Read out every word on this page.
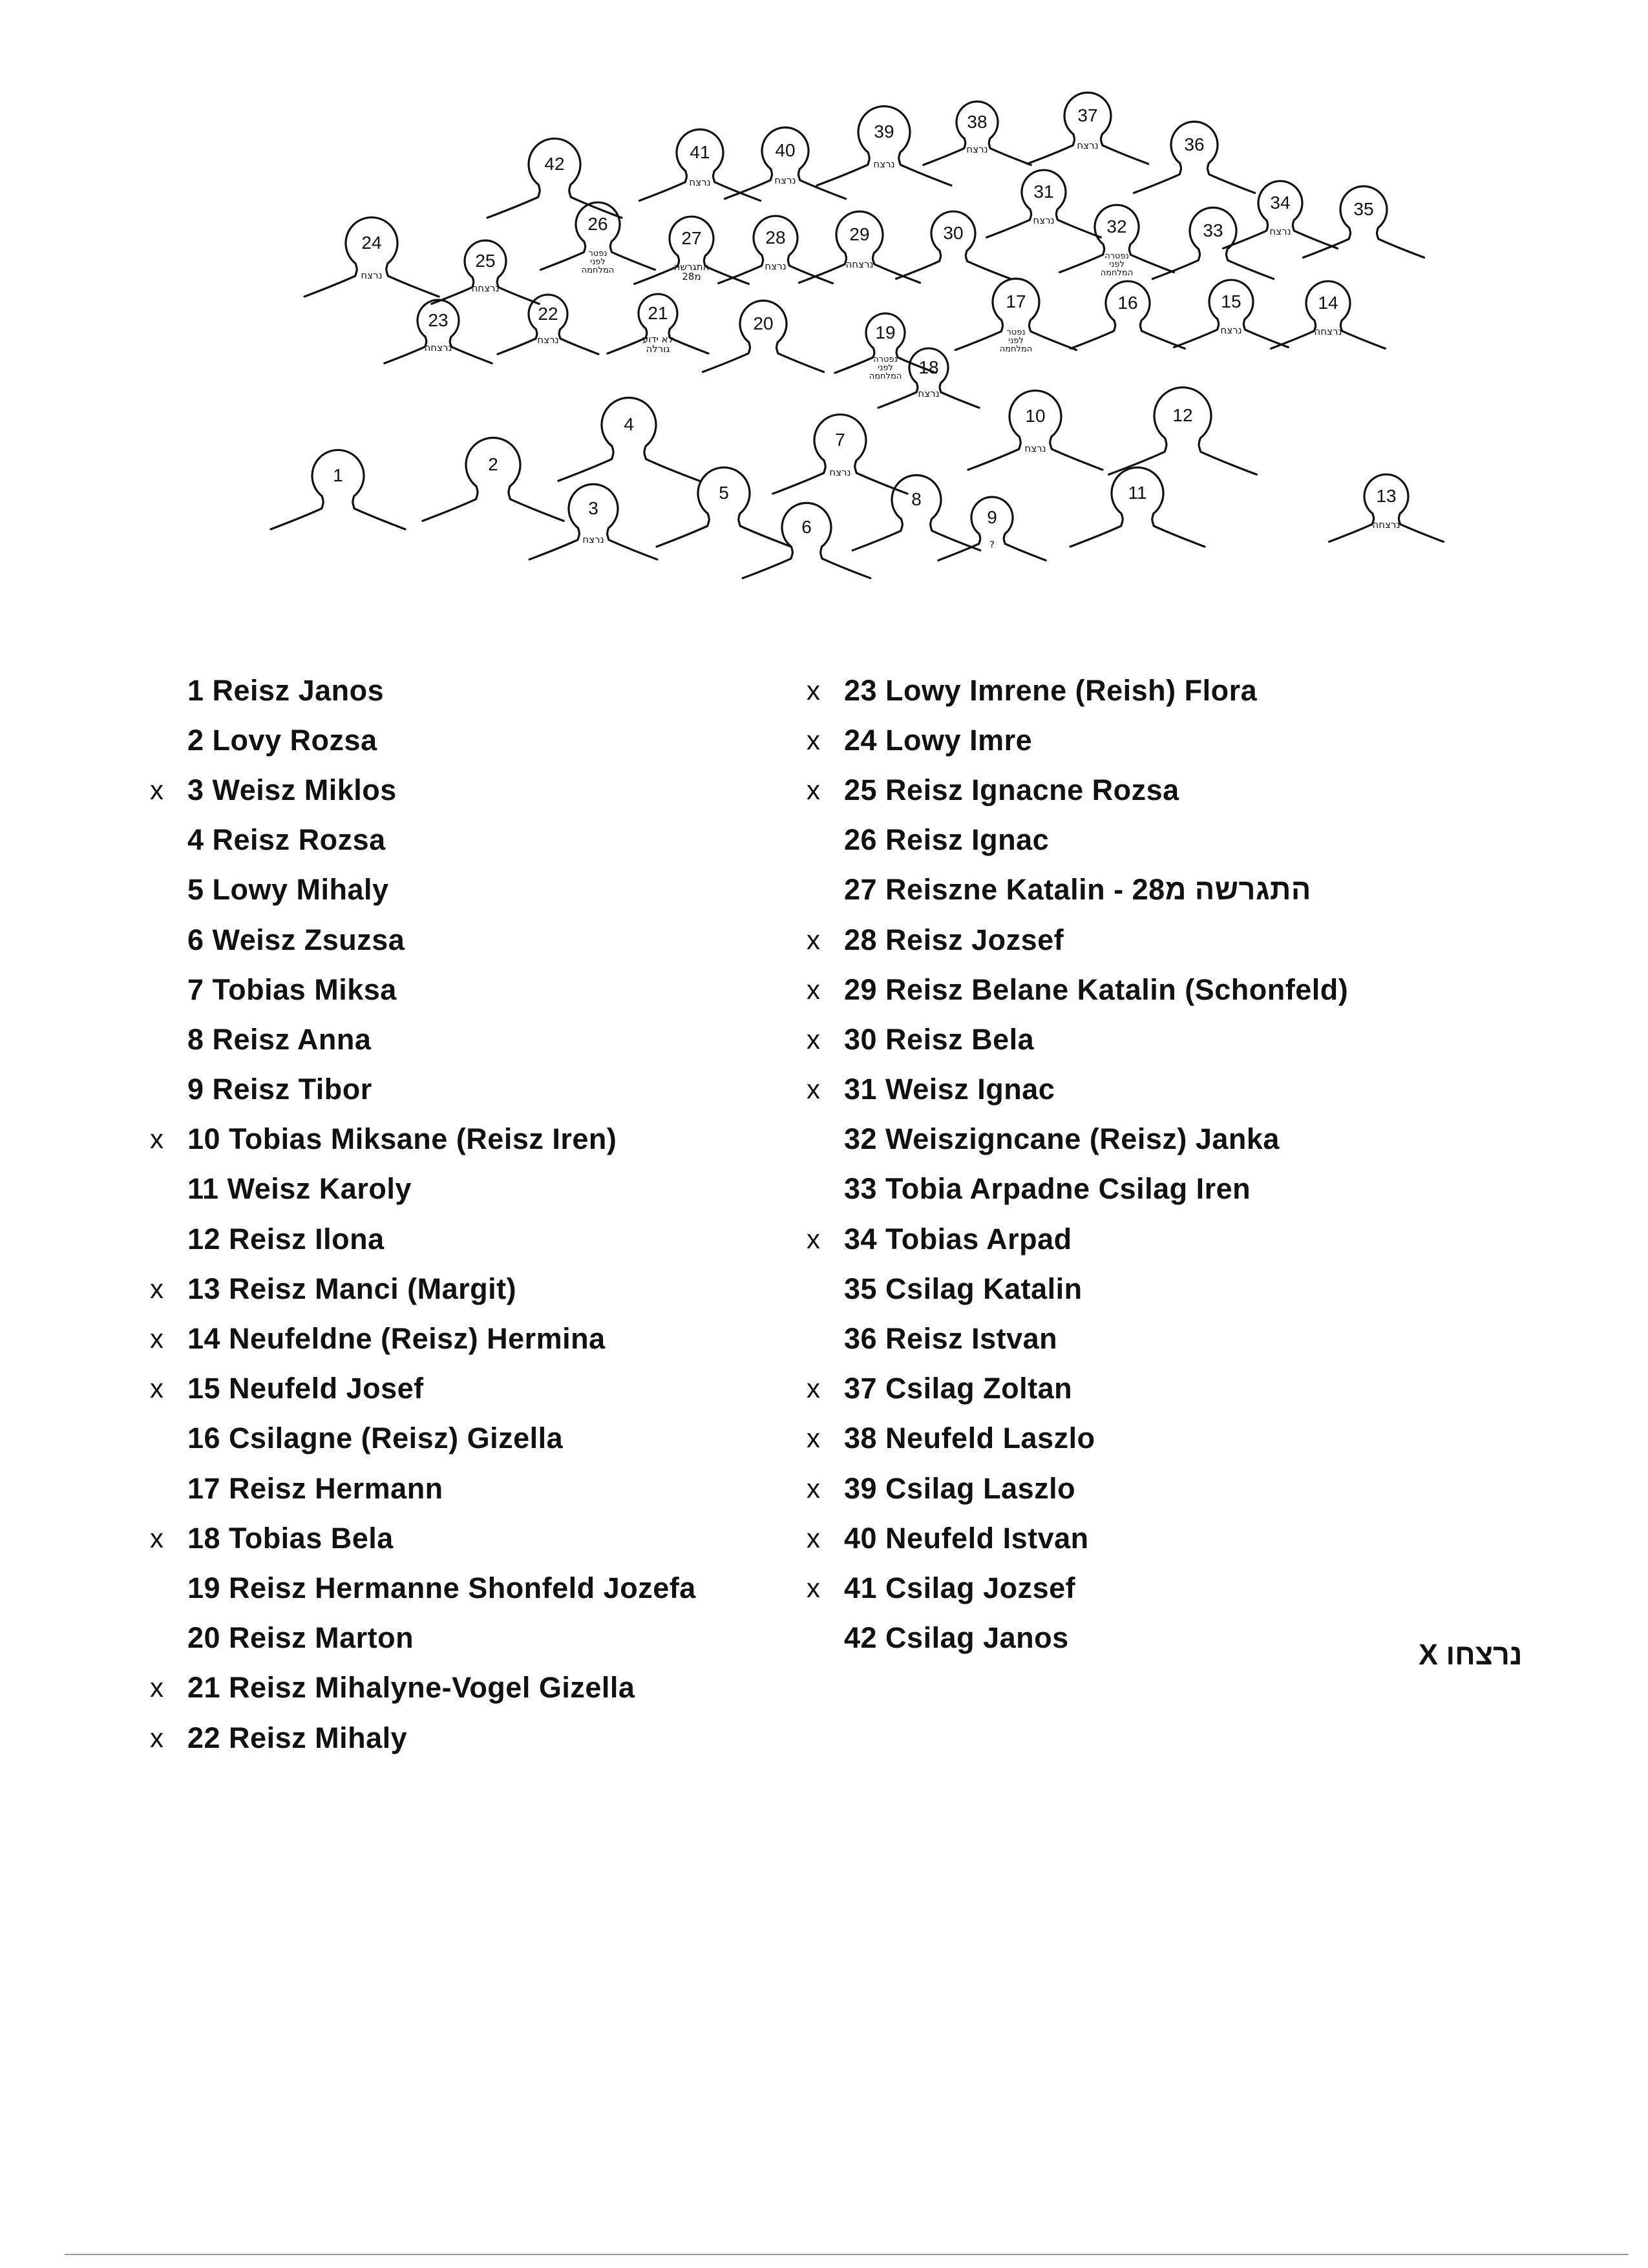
1
2
3
נרצח
4
5
6
7
נרצח
8
9
?
10
נרצח
11
12
13
נרצחה
14
נרצחה
15
נרצח
16
17
נפטר
לפני
המלחמה
18
נרצח
19
נפטרה
לפני
המלחמה
20
21
לא ידוע
גורלה
22
נרצח
23
נרצחה
24
נרצח
25
נרצחה
26
נפטר
לפני
המלחמה
27
התגרשה
מ28
28
נרצח
29
נרצחה
30
31
נרצח	32
נפטרה
לפני
המלחמה
33
34
נרצח
35
36
37
נרצח
38
נרצח
39
נרצח
40
נרצח
41
נרצח
42
1 Reisz Janos
2 Lovy Rozsa
x 3 Weisz Miklos
4 Reisz Rozsa
5 Lowy Mihaly
6 Weisz Zsuzsa
7 Tobias Miksa
8 Reisz Anna
9 Reisz Tibor
x 10 Tobias Miksane (Reisz Iren)
11 Weisz Karoly
12 Reisz Ilona
x 13 Reisz Manci (Margit)
x 14 Neufeldne (Reisz) Hermina
x 15 Neufeld Josef
16 Csilagne (Reisz) Gizella
17 Reisz Hermann
x 18 Tobias Bela
19 Reisz Hermanne Shonfeld Jozefa
20 Reisz Marton
x 21 Reisz Mihalyne-Vogel Gizella
x 22 Reisz Mihaly
x 23 Lowy Imrene (Reish) Flora
x 24 Lowy Imre
x 25 Reisz Ignacne Rozsa
26 Reisz Ignac
27 Reiszne Katalin - התגרשה מ28
x 28 Reisz Jozsef
x 29 Reisz Belane Katalin (Schonfeld)
x 30 Reisz Bela
x 31 Weisz Ignac
32 Weiszigncane (Reisz) Janka
33 Tobia Arpadne Csilag Iren
x 34 Tobias Arpad
35 Csilag Katalin
36 Reisz Istvan
x 37 Csilag Zoltan
x 38 Neufeld Laszlo
x 39 Csilag Laszlo
x 40 Neufeld Istvan
x 41 Csilag Jozsef
42 Csilag Janos
X נרצחו
